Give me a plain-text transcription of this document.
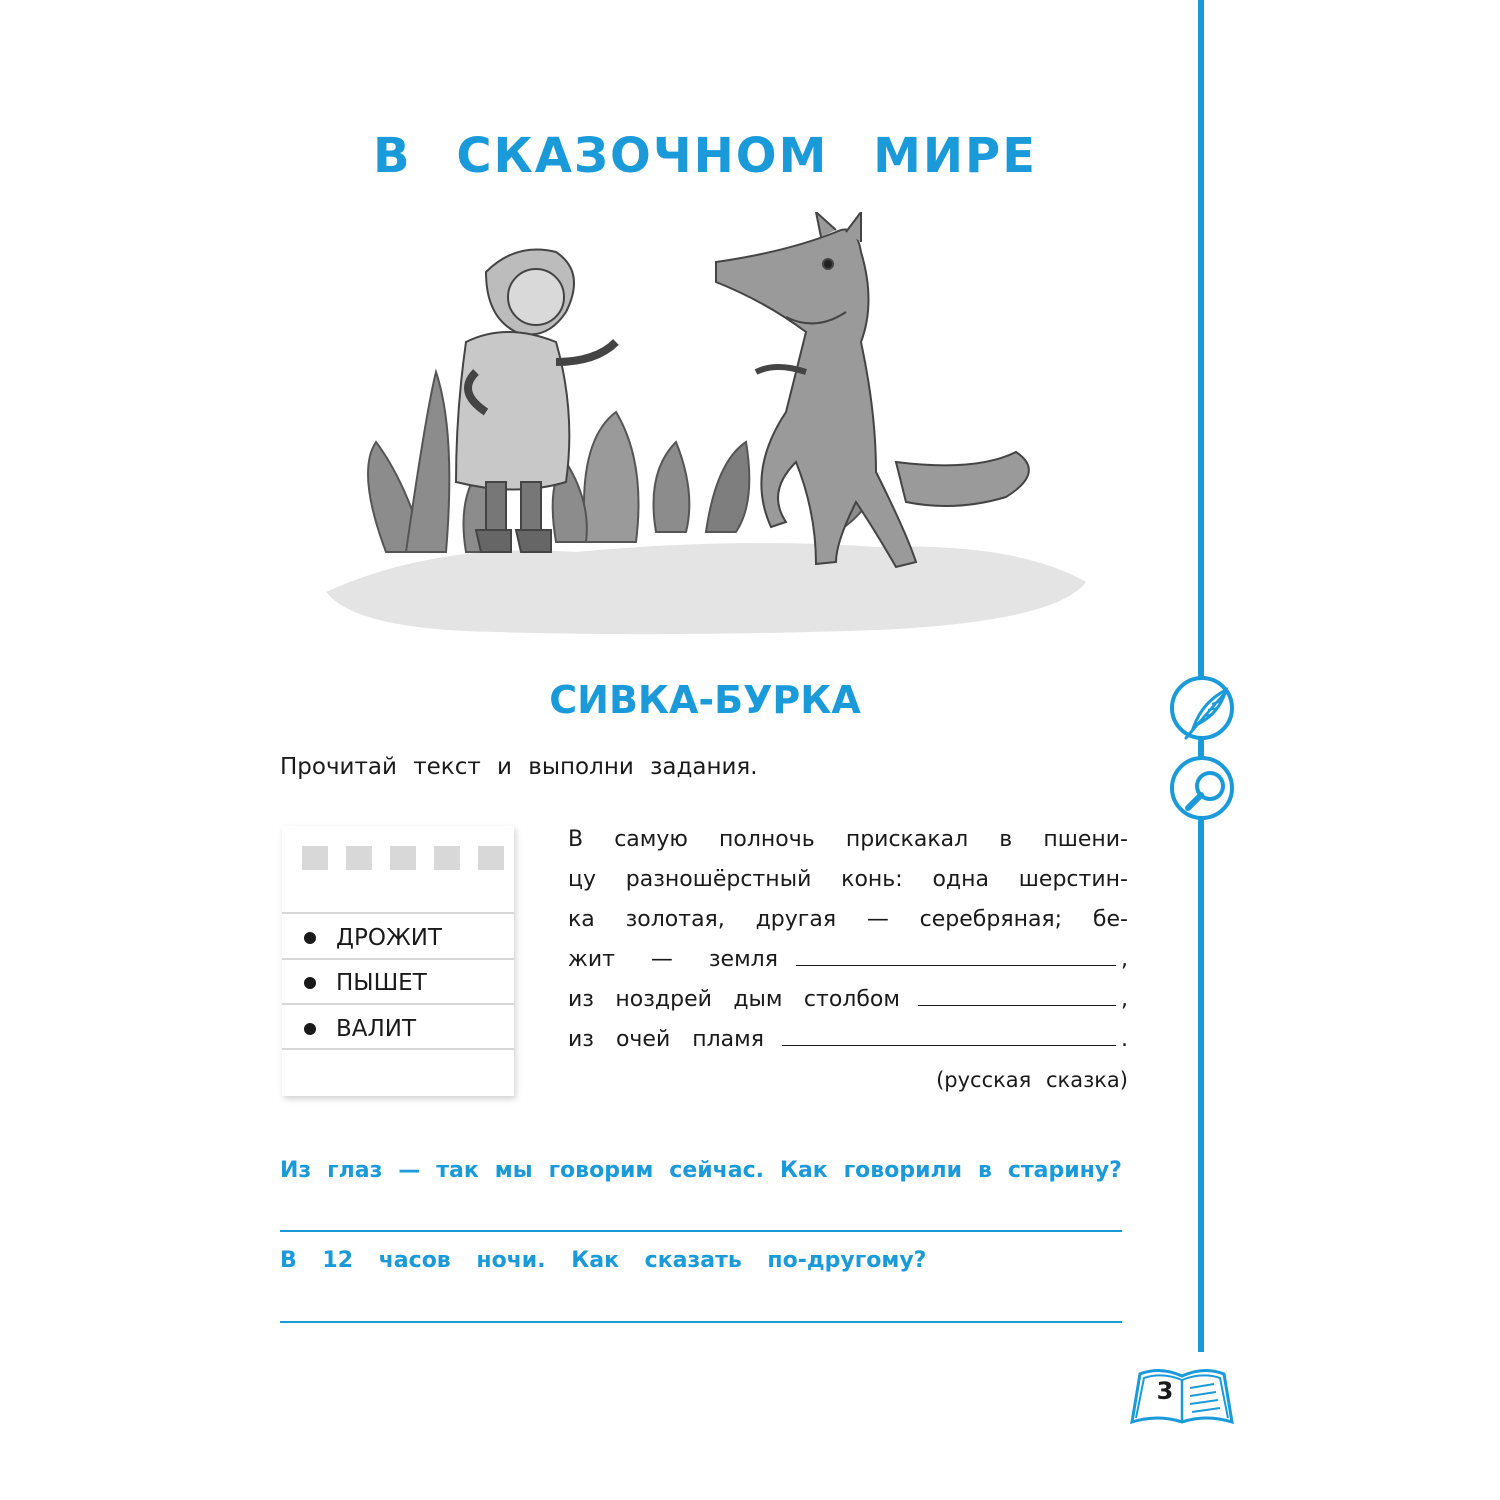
3
В СКАЗОЧНОМ МИРЕ
СИВКА-БУРКА
Прочитай текст и выполни задания.
ДРОЖИТ
ПЫШЕТ
ВАЛИТ
В самую полночь прискакал в пшени-
цу разношёрстный конь: одна шерстин-
ка золотая, другая — серебряная; бе-
жит — земля	,
из ноздрей дым столбом	,
из очей пламя	.
(русская сказка)
Из глаз — так мы говорим сейчас. Как говорили в старину?
В 12 часов ночи. Как сказать по-другому?
